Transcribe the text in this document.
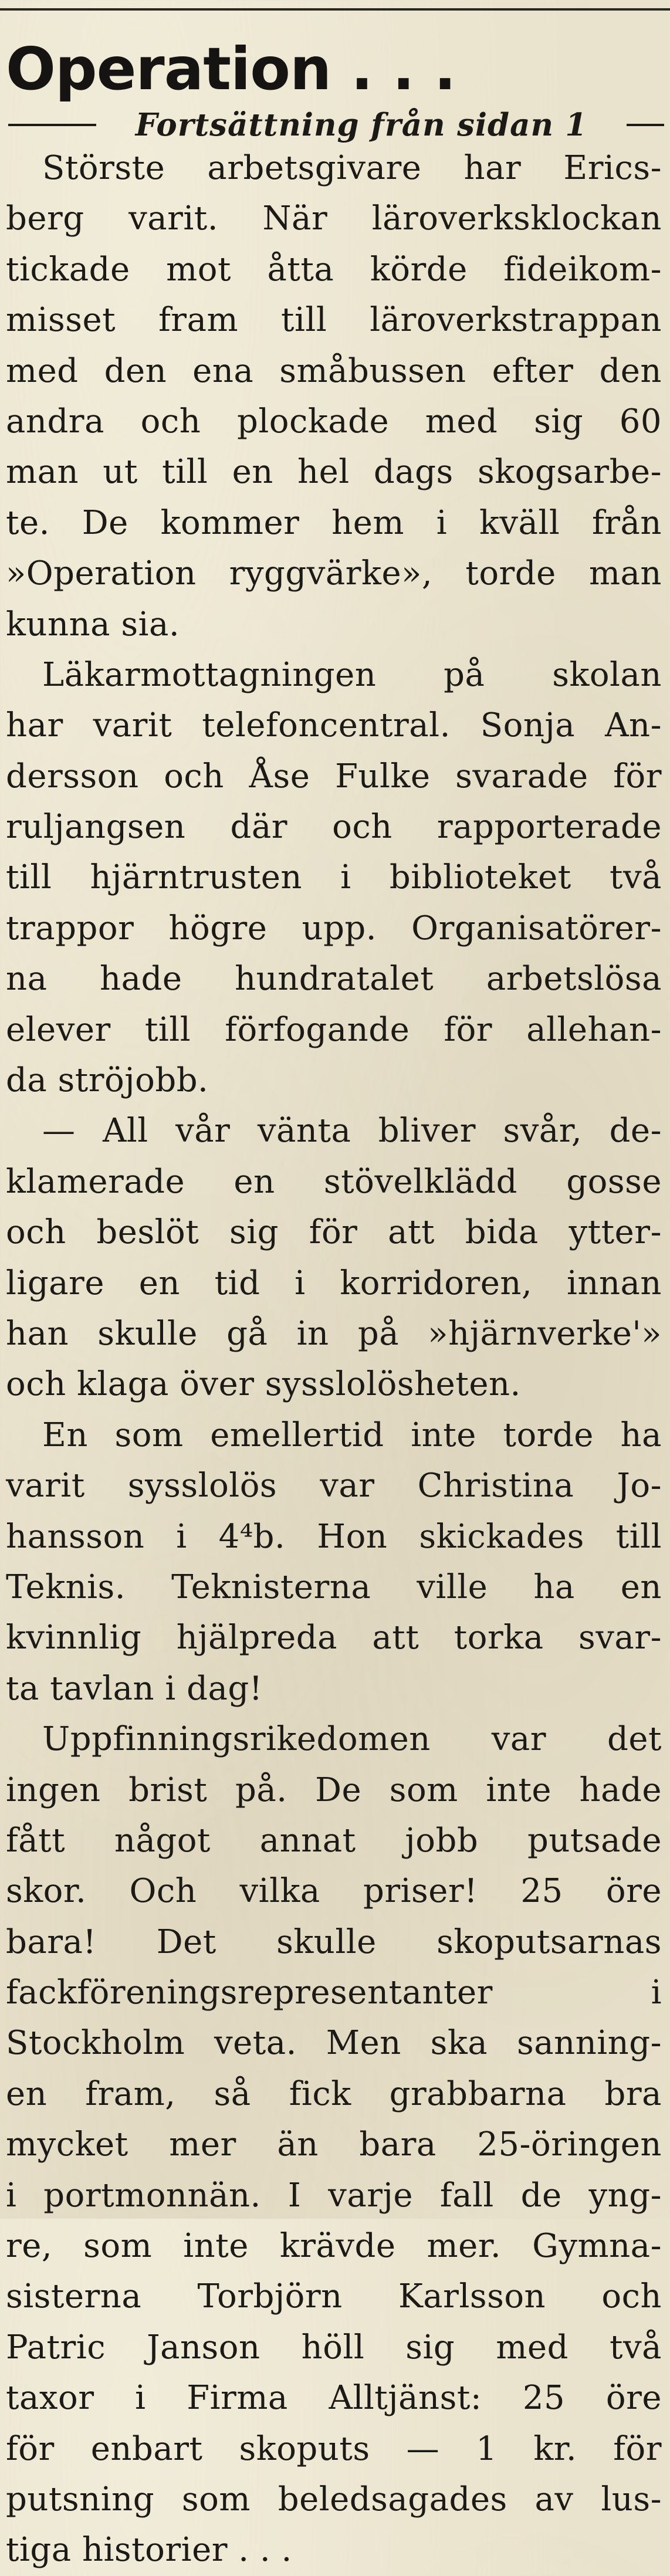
Operation . . .
Fortsättning från sidan 1
Störste arbetsgivare har Erics-
berg varit. När läroverksklockan
tickade mot åtta körde fideikom-
misset fram till läroverkstrappan
med den ena småbussen efter den
andra och plockade med sig 60
man ut till en hel dags skogsarbe-
te. De kommer hem i kväll från
»Operation ryggvärke», torde man
kunna sia.
Läkarmottagningen på skolan
har varit telefoncentral. Sonja An-
dersson och Åse Fulke svarade för
ruljangsen där och rapporterade
till hjärntrusten i biblioteket två
trappor högre upp. Organisatörer-
na hade hundratalet arbetslösa
elever till förfogande för allehan-
da ströjobb.
— All vår vänta bliver svår, de-
klamerade en stövelklädd gosse
och beslöt sig för att bida ytter-
ligare en tid i korridoren, innan
han skulle gå in på »hjärnverke'»
och klaga över sysslolösheten.
En som emellertid inte torde ha
varit sysslolös var Christina Jo-
hansson i 4⁴b. Hon skickades till
Teknis. Teknisterna ville ha en
kvinnlig hjälpreda att torka svar-
ta tavlan i dag!
Uppfinningsrikedomen var det
ingen brist på. De som inte hade
fått något annat jobb putsade
skor. Och vilka priser! 25 öre
bara! Det skulle skoputsarnas
fackföreningsrepresentanter i
Stockholm veta. Men ska sanning-
en fram, så fick grabbarna bra
mycket mer än bara 25-öringen
i portmonnän. I varje fall de yng-
re, som inte krävde mer. Gymna-
sisterna Torbjörn Karlsson och
Patric Janson höll sig med två
taxor i Firma Alltjänst: 25 öre
för enbart skoputs — 1 kr. för
putsning som beledsagades av lus-
tiga historier . . .
